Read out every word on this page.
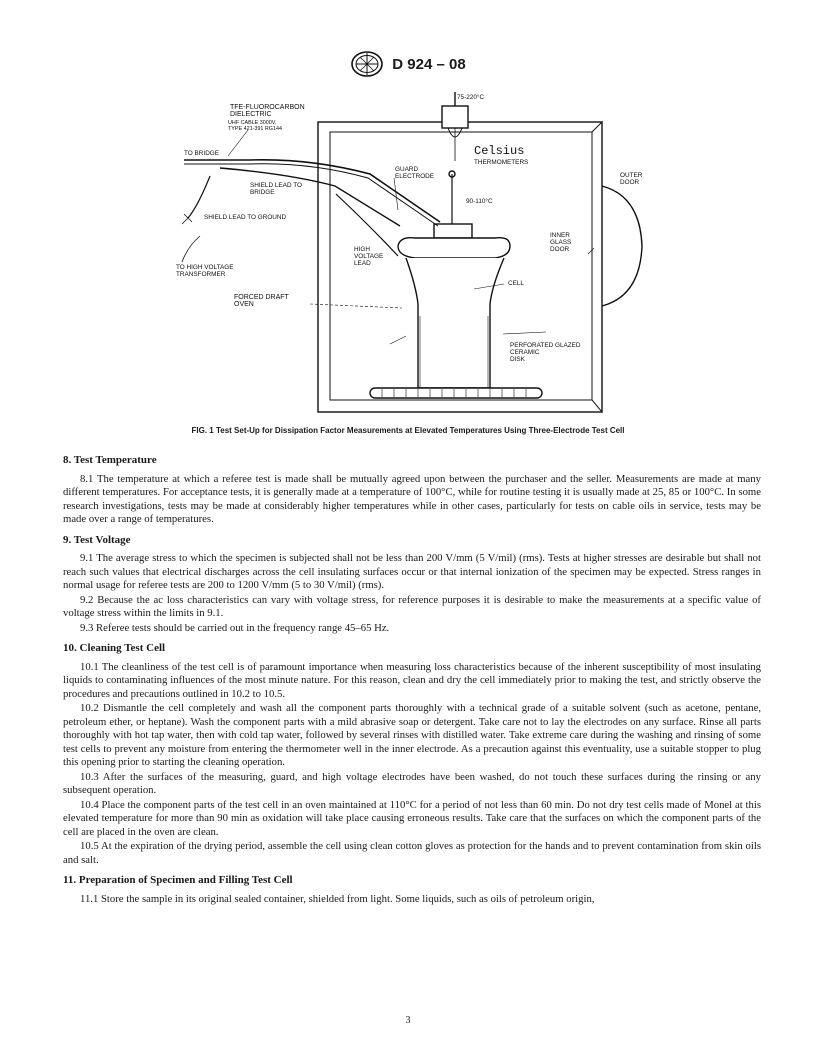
D 924 – 08
75-220°C
TFE-FLUOROCARBON
DIELECTRIC
UHF CABLE 3000V,
TYPE 421-391 RG144
TO BRIDGE	Celsius
THERMOMETERS
OUTER
DOOR
GUARD
ELECTRODE
SHIELD LEAD TO
BRIDGE
90-110°C
SHIELD LEAD TO GROUND
INNER
GLASS
DOOR
HIGH
VOLTAGE
LEAD
TO HIGH VOLTAGE
TRANSFORMER
CELL
FORCED DRAFT
OVEN
PERFORATED GLAZED
CERAMIC
DISK
FIG. 1 Test Set-Up for Dissipation Factor Measurements at Elevated Temperatures Using Three-Electrode Test Cell
8. Test Temperature

8.1 The temperature at which a referee test is made shall be mutually agreed upon between the purchaser and the seller. Measurements are made at many different temperatures. For acceptance tests, it is generally made at a temperature of 100°C, while for routine testing it is usually made at 25, 85 or 100°C. In some research investigations, tests may be made at considerably higher temperatures while in other cases, particularly for tests on cable oils in service, tests may be made over a range of temperatures.

9. Test Voltage

9.1 The average stress to which the specimen is subjected shall not be less than 200 V/mm (5 V/mil) (rms). Tests at higher stresses are desirable but shall not reach such values that electrical discharges across the cell insulating surfaces occur or that internal ionization of the specimen may be expected. Stress ranges in normal usage for referee tests are 200 to 1200 V/mm (5 to 30 V/mil) (rms).

9.2 Because the ac loss characteristics can vary with voltage stress, for reference purposes it is desirable to make the measurements at a specific value of voltage stress within the limits in 9.1.

9.3 Referee tests should be carried out in the frequency range 45–65 Hz.

10. Cleaning Test Cell

10.1 The cleanliness of the test cell is of paramount importance when measuring loss characteristics because of the inherent susceptibility of most insulating liquids to contaminating influences of the most minute nature. For this reason, clean and dry the cell immediately prior to making the test, and strictly observe the procedures and precautions outlined in 10.2 to 10.5.

10.2 Dismantle the cell completely and wash all the component parts thoroughly with a technical grade of a suitable solvent (such as acetone, pentane, petroleum ether, or heptane). Wash the component parts with a mild abrasive soap or detergent. Take care not to lay the electrodes on any surface. Rinse all parts thoroughly with hot tap water, then with cold tap water, followed by several rinses with distilled water. Take extreme care during the washing and rinsing of some test cells to prevent any moisture from entering the thermometer well in the inner electrode. As a precaution against this eventuality, use a suitable stopper to plug this opening prior to starting the cleaning operation.

10.3 After the surfaces of the measuring, guard, and high voltage electrodes have been washed, do not touch these surfaces during the rinsing or any subsequent operation.

10.4 Place the component parts of the test cell in an oven maintained at 110°C for a period of not less than 60 min. Do not dry test cells made of Monel at this elevated temperature for more than 90 min as oxidation will take place causing erroneous results. Take care that the surfaces on which the component parts of the cell are placed in the oven are clean.

10.5 At the expiration of the drying period, assemble the cell using clean cotton gloves as protection for the hands and to prevent contamination from skin oils and salt.

11. Preparation of Specimen and Filling Test Cell

11.1 Store the sample in its original sealed container, shielded from light. Some liquids, such as oils of petroleum origin,

3
